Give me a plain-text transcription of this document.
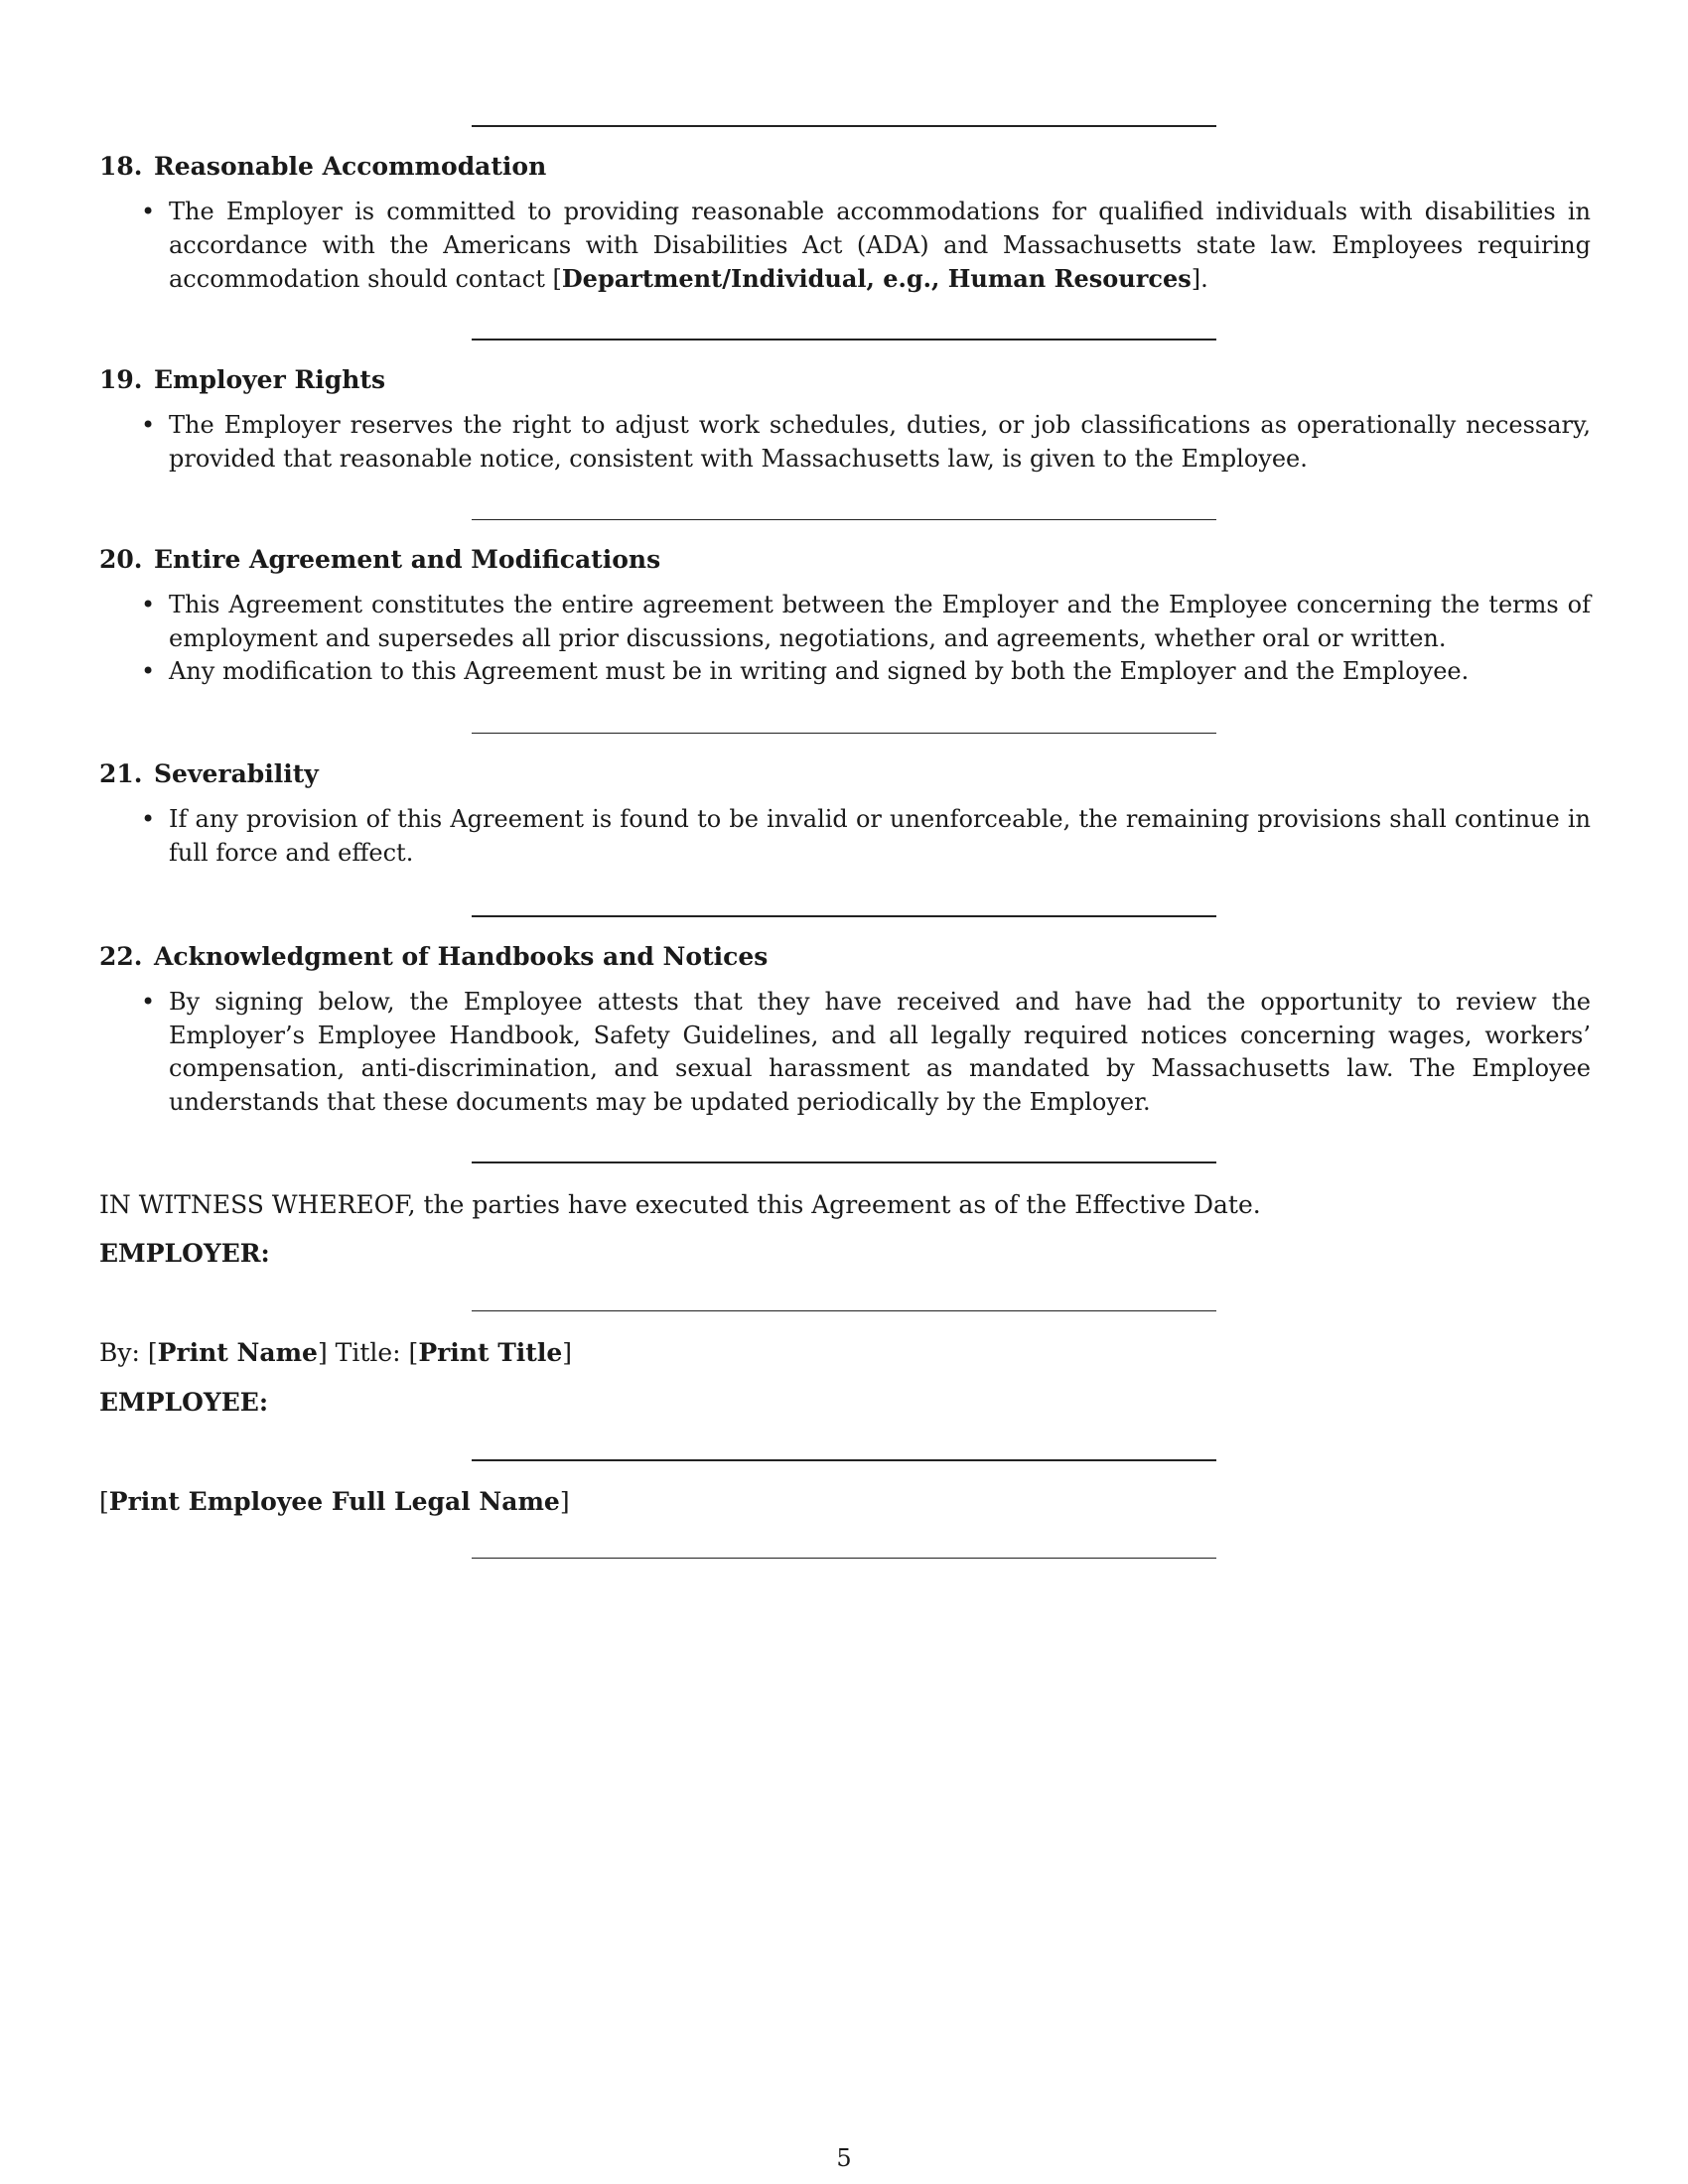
18. Reasonable Accommodation
• The Employer is committed to providing reasonable accommodations for qualified individuals with disabilities in accordance with the Americans with Disabilities Act (ADA) and Massachusetts state law. Employees requiring accommodation should contact [Department/Individual, e.g., Human Resources].
19. Employer Rights
• The Employer reserves the right to adjust work schedules, duties, or job classifications as operationally necessary, provided that reasonable notice, consistent with Massachusetts law, is given to the Employee.
20. Entire Agreement and Modifications
• This Agreement constitutes the entire agreement between the Employer and the Employee concerning the terms of employment and supersedes all prior discussions, negotiations, and agreements, whether oral or written.
• Any modification to this Agreement must be in writing and signed by both the Employer and the Employee.
21. Severability
• If any provision of this Agreement is found to be invalid or unenforceable, the remaining provisions shall continue in full force and effect.
22. Acknowledgment of Handbooks and Notices
• By signing below, the Employee attests that they have received and have had the opportunity to review the Employer’s Employee Handbook, Safety Guidelines, and all legally required notices concerning wages, workers’ compensation, anti-discrimination, and sexual harassment as mandated by Massachusetts law. The Employee understands that these documents may be updated periodically by the Employer.
IN WITNESS WHEREOF, the parties have executed this Agreement as of the Effective Date.
EMPLOYER:
By: [Print Name] Title: [Print Title]
EMPLOYEE:
[Print Employee Full Legal Name]
5
